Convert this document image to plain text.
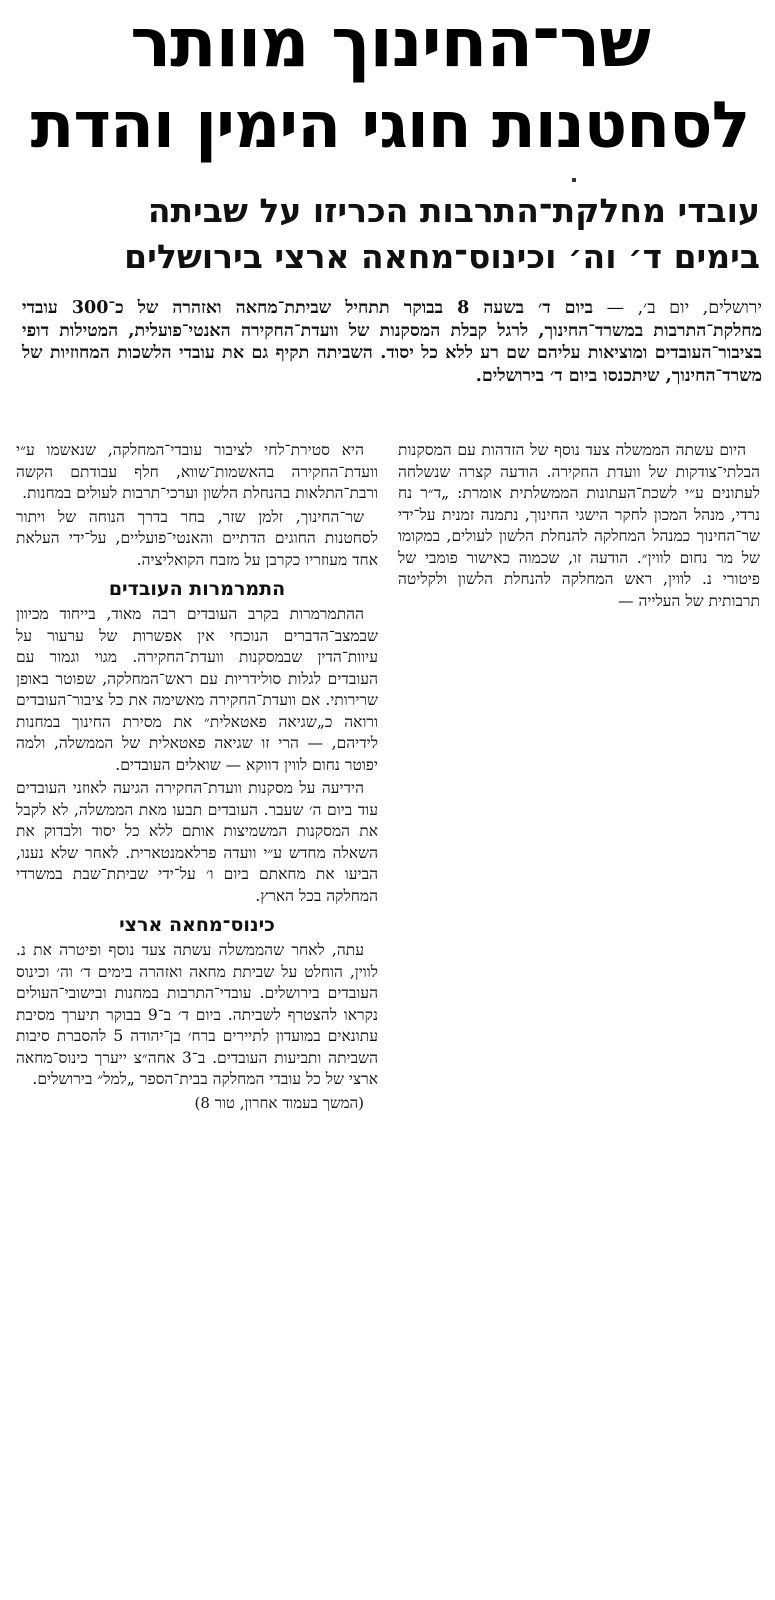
שר־החינוך מוותר
לסחטנות חוגי הימין והדת
עובדי מחלקת־התרבות הכריזו על שביתה
בימים ד׳ וה׳ וכינוס־מחאה ארצי בירושלים

ירושלים, יום ב׳, — ביום ד׳ בשעה 8 בבוקר תתחיל שביתת־מחאה ואזהרה של כ־300 עובדי מחלקת־התרבות במשרד־החינוך, לרגל קבלת המסקנות של וועדת־החקירה האנטי־פועלית, המטילות דופי בציבור־העובדים ומוציאות עליהם שם רע ללא כל יסוד. השביתה תקיף גם את עובדי הלשכות המחוזיות של משרד־החינוך, שיתכנסו ביום ד׳ בירושלים.

היום עשתה הממשלה צעד נוסף של הזדהות עם המסקנות הבלתי־צודקות של וועדת החקירה. הודעה קצרה שנשלחה לעתונים ע״י לשכת־העתונות הממשלתית אומרת: „ד״ר נח נרדי, מנהל המכון לחקר הישגי החינוך, נתמנה זמנית על־ידי שר־החינוך כמנהל המחלקה להנחלת הלשון לעולים, במקומו של מר נחום לווין״. הודעה זו, שכמוה כאישור פומבי של פיטורי נ. לווין, ראש המחלקה להנחלת הלשון ולקליטה תרבותית של העלייה —

היא סטירת־לחי לציבור עובדי־המחלקה, שנאשמו ע״י וועדת־החקירה בהאשמות־שווא, חלף עבודתם הקשה ורבת־התלאות בהנחלת הלשון וערכי־תרבות לעולים במחנות.

שר־החינוך, זלמן שזר, בחר בדרך הנוחה של ויתור לסחטנות החוגים הדתיים והאנטי־פועליים, על־ידי העלאת אחד מעוזריו כקרבן על מזבח הקואליציה.

התמרמרות העובדים

ההתמרמרות בקרב העובדים רבה מאוד, בייחוד מכיוון שבמצב־הדברים הנוכחי אין אפשרות של ערעור על עיוות־הדין שבמסקנות וועדת־החקירה. מגוי וגמור עם העובדים לגלות סולידריות עם ראש־המחלקה, שפוטר באופן שרירותי. אם וועדת־החקירה מאשימה את כל ציבור־העובדים ורואה כ„שגיאה פאטאלית״ את מסירת החינוך במחנות לידיהם, — הרי זו שגיאה פאטאלית של הממשלה, ולמה יפוטר נחום לווין דווקא — שואלים העובדים.

הידיעה על מסקנות וועדת־החקירה הגיעה לאוזני העובדים עוד ביום ה׳ שעבר. העובדים תבעו מאת הממשלה, לא לקבל את המסקנות המשמיצות אותם ללא כל יסוד ולבדוק את השאלה מחדש ע״י וועדה פרלאמנטארית. לאחר שלא נענו, הביעו את מחאתם ביום ו׳ על־ידי שביתת־שבת במשרדי המחלקה בכל הארץ.

כינוס־מחאה ארצי

עתה, לאחר שהממשלה עשתה צעד נוסף ופיטרה את נ. לווין, הוחלט על שביתת מחאה ואזהרה בימים ד׳ וה׳ וכינוס העובדים בירושלים. עובדי־התרבות במחנות ובישובי־העולים נקראו להצטרף לשביתה. ביום ד׳ ב־9 בבוקר תיערך מסיבת עתונאים במועדון לתיירים ברח׳ בן־יהודה 5 להסברת סיבות השביתה ותביעות העובדים. ב־3 אחה״צ ייערך כינוס־מחאה ארצי של כל עובדי המחלקה בבית־הספר „למל״ בירושלים.

(המשך בעמוד אחרון, טור 8)
